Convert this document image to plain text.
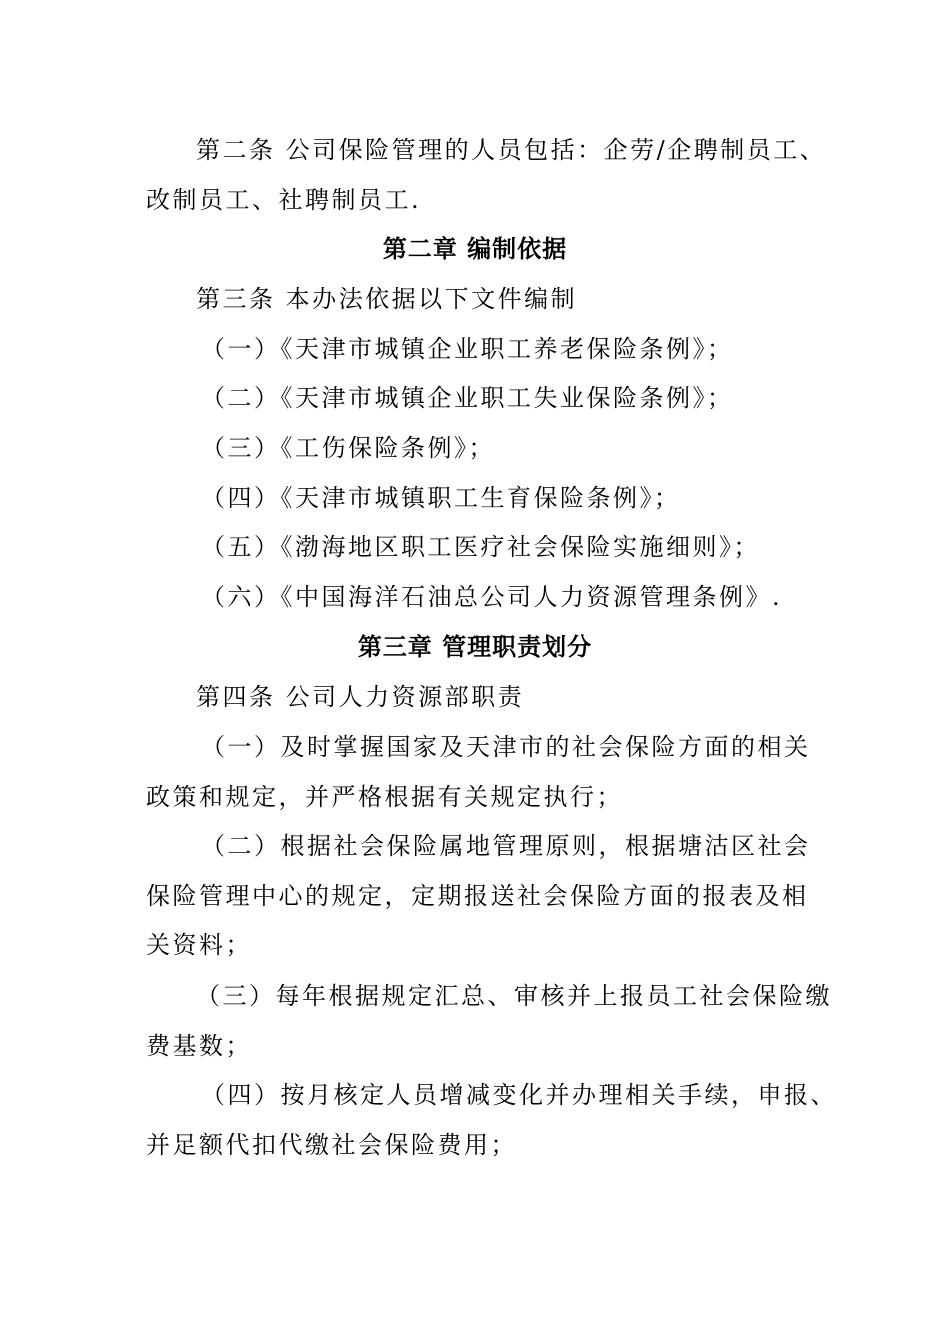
第二条 公司保险管理的人员包括：企劳/企聘制员工、
改制员工、社聘制员工.
第二章 编制依据
第三条 本办法依据以下文件编制
（一）《天津市城镇企业职工养老保险条例》；
（二）《天津市城镇企业职工失业保险条例》；
（三）《工伤保险条例》；
（四）《天津市城镇职工生育保险条例》；
（五）《渤海地区职工医疗社会保险实施细则》；
（六）《中国海洋石油总公司人力资源管理条例》.
第三章 管理职责划分
第四条 公司人力资源部职责
（一）及时掌握国家及天津市的社会保险方面的相关
政策和规定，并严格根据有关规定执行；
（二）根据社会保险属地管理原则，根据塘沽区社会
保险管理中心的规定，定期报送社会保险方面的报表及相
关资料；
（三）每年根据规定汇总、审核并上报员工社会保险缴
费基数；
（四）按月核定人员增减变化并办理相关手续，申报、
并足额代扣代缴社会保险费用；
